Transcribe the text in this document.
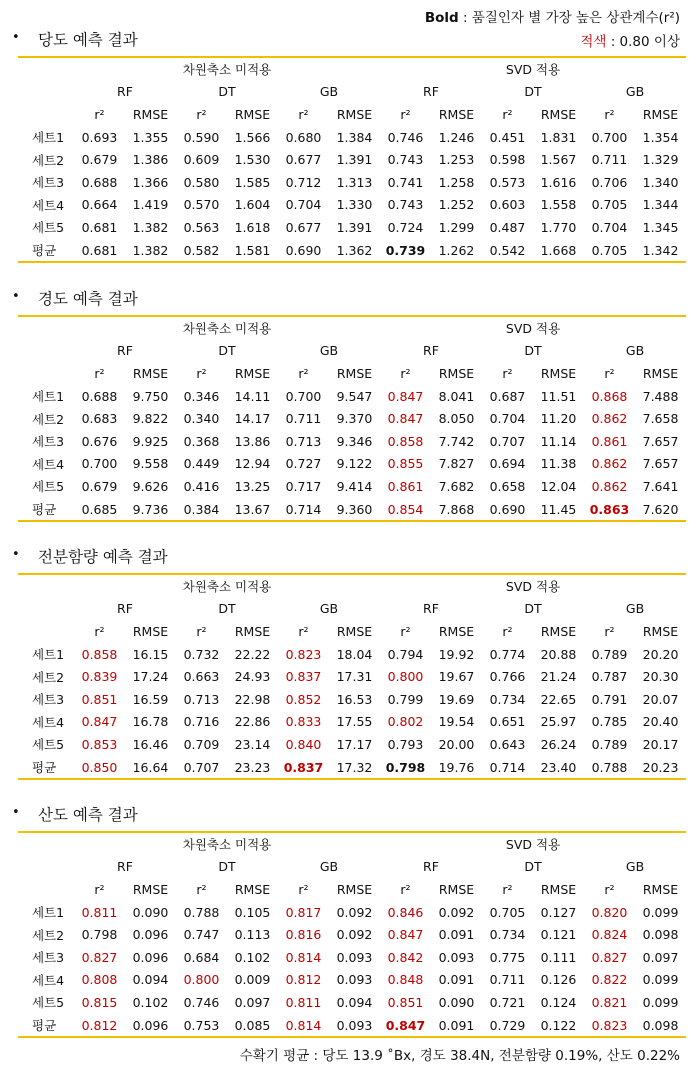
Bold : 품질인자 별 가장 높은 상관계수(r²)
적색 : 0.80 이상
• 당도 예측 결과
	차원축소 미적용						SVD 적용					
	RF		DT		GB		RF		DT		GB	
	r²	RMSE	r²	RMSE	r²	RMSE	r²	RMSE	r²	RMSE	r²	RMSE
세트1	0.693	1.355	0.590	1.566	0.680	1.384	0.746	1.246	0.451	1.831	0.700	1.354
세트2	0.679	1.386	0.609	1.530	0.677	1.391	0.743	1.253	0.598	1.567	0.711	1.329
세트3	0.688	1.366	0.580	1.585	0.712	1.313	0.741	1.258	0.573	1.616	0.706	1.340
세트4	0.664	1.419	0.570	1.604	0.704	1.330	0.743	1.252	0.603	1.558	0.705	1.344
세트5	0.681	1.382	0.563	1.618	0.677	1.391	0.724	1.299	0.487	1.770	0.704	1.345
평균	0.681	1.382	0.582	1.581	0.690	1.362	0.739	1.262	0.542	1.668	0.705	1.342
• 경도 예측 결과
	차원축소 미적용						SVD 적용					
	RF		DT		GB		RF		DT		GB	
	r²	RMSE	r²	RMSE	r²	RMSE	r²	RMSE	r²	RMSE	r²	RMSE
세트1	0.688	9.750	0.346	14.11	0.700	9.547	0.847	8.041	0.687	11.51	0.868	7.488
세트2	0.683	9.822	0.340	14.17	0.711	9.370	0.847	8.050	0.704	11.20	0.862	7.658
세트3	0.676	9.925	0.368	13.86	0.713	9.346	0.858	7.742	0.707	11.14	0.861	7.657
세트4	0.700	9.558	0.449	12.94	0.727	9.122	0.855	7.827	0.694	11.38	0.862	7.657
세트5	0.679	9.626	0.416	13.25	0.717	9.414	0.861	7.682	0.658	12.04	0.862	7.641
평균	0.685	9.736	0.384	13.67	0.714	9.360	0.854	7.868	0.690	11.45	0.863	7.620
• 전분함량 예측 결과
	차원축소 미적용						SVD 적용					
	RF		DT		GB		RF		DT		GB	
	r²	RMSE	r²	RMSE	r²	RMSE	r²	RMSE	r²	RMSE	r²	RMSE
세트1	0.858	16.15	0.732	22.22	0.823	18.04	0.794	19.92	0.774	20.88	0.789	20.20
세트2	0.839	17.24	0.663	24.93	0.837	17.31	0.800	19.67	0.766	21.24	0.787	20.30
세트3	0.851	16.59	0.713	22.98	0.852	16.53	0.799	19.69	0.734	22.65	0.791	20.07
세트4	0.847	16.78	0.716	22.86	0.833	17.55	0.802	19.54	0.651	25.97	0.785	20.40
세트5	0.853	16.46	0.709	23.14	0.840	17.17	0.793	20.00	0.643	26.24	0.789	20.17
평균	0.850	16.64	0.707	23.23	0.837	17.32	0.798	19.76	0.714	23.40	0.788	20.23
• 산도 예측 결과
	차원축소 미적용						SVD 적용					
	RF		DT		GB		RF		DT		GB	
	r²	RMSE	r²	RMSE	r²	RMSE	r²	RMSE	r²	RMSE	r²	RMSE
세트1	0.811	0.090	0.788	0.105	0.817	0.092	0.846	0.092	0.705	0.127	0.820	0.099
세트2	0.798	0.096	0.747	0.113	0.816	0.092	0.847	0.091	0.734	0.121	0.824	0.098
세트3	0.827	0.096	0.684	0.102	0.814	0.093	0.842	0.093	0.775	0.111	0.827	0.097
세트4	0.808	0.094	0.800	0.009	0.812	0.093	0.848	0.091	0.711	0.126	0.822	0.099
세트5	0.815	0.102	0.746	0.097	0.811	0.094	0.851	0.090	0.721	0.124	0.821	0.099
평균	0.812	0.096	0.753	0.085	0.814	0.093	0.847	0.091	0.729	0.122	0.823	0.098
수확기 평균 : 당도 13.9 ˚Bx, 경도 38.4N, 전분함량 0.19%, 산도 0.22%
